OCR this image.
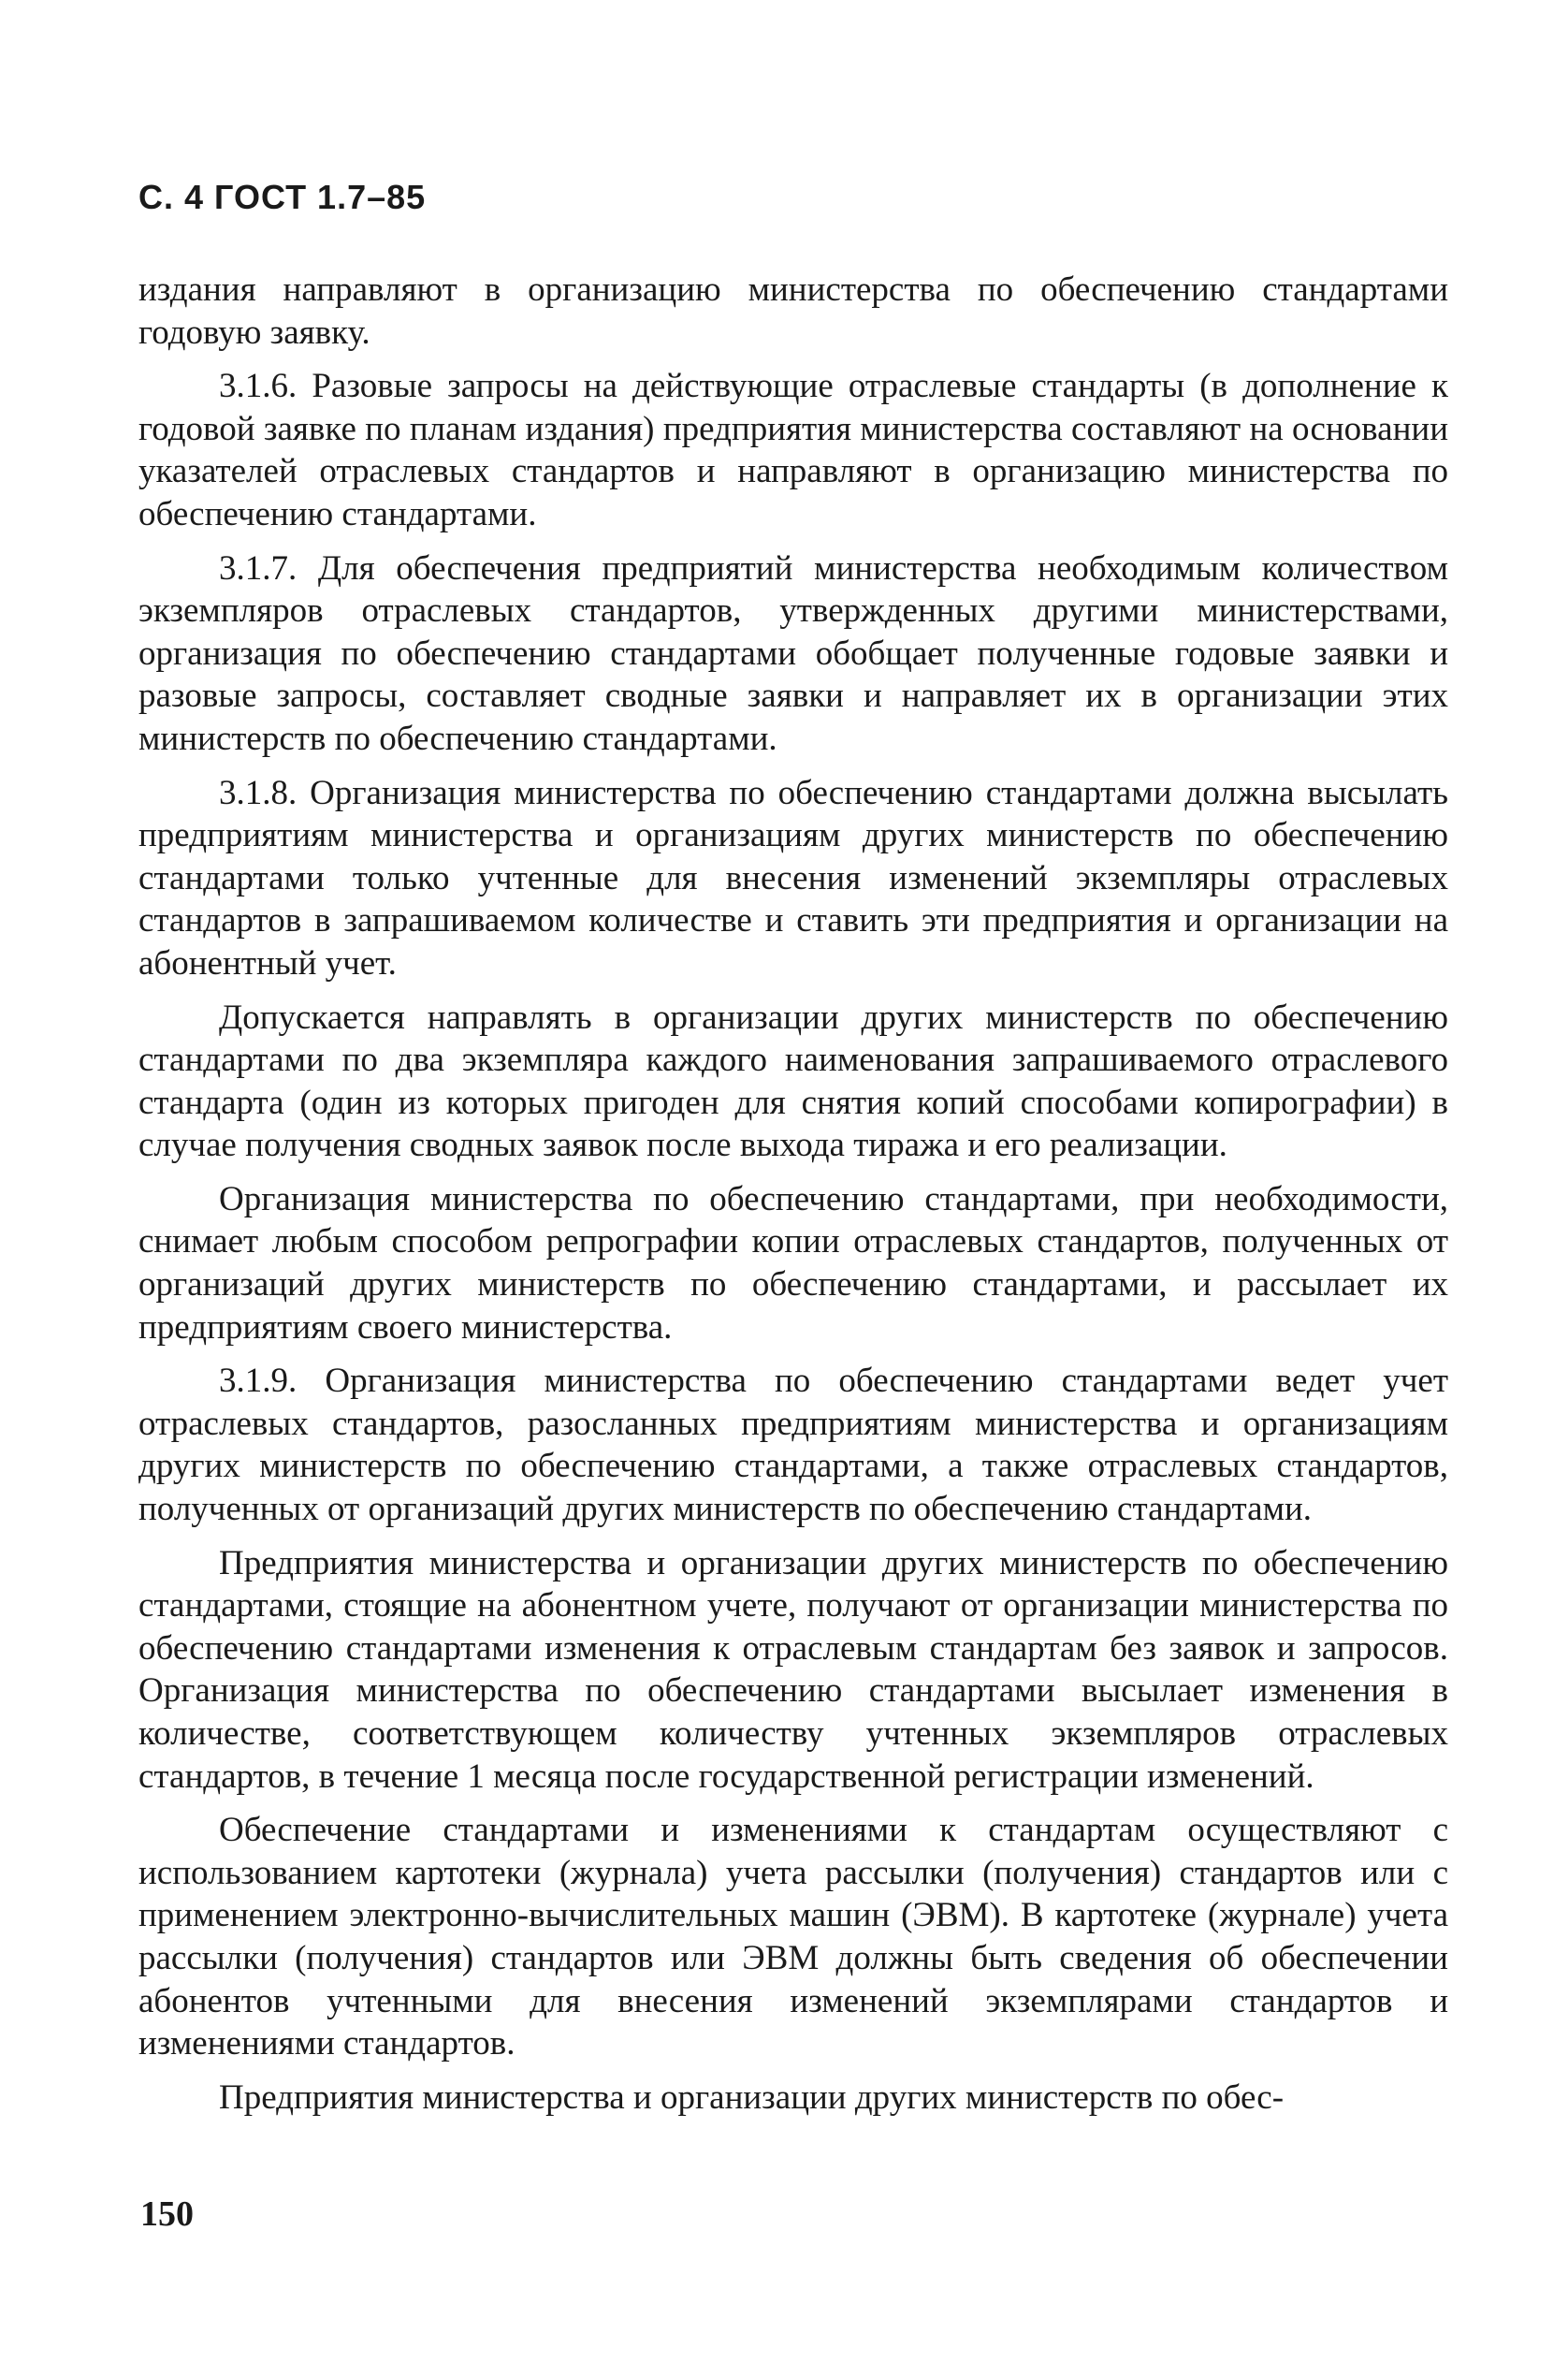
С. 4 ГОСТ 1.7–85

издания направляют в организацию министерства по обеспечению стандартами годовую заявку.

3.1.6. Разовые запросы на действующие отраслевые стандарты (в дополнение к годовой заявке по планам издания) предприятия министерства составляют на основании указателей отраслевых стандартов и направляют в организацию министерства по обеспечению стандартами.

3.1.7. Для обеспечения предприятий министерства необходимым количеством экземпляров отраслевых стандартов, утвержденных другими министерствами, организация по обеспечению стандартами обобщает полученные годовые заявки и разовые запросы, составляет сводные заявки и направляет их в организации этих министерств по обеспечению стандартами.

3.1.8. Организация министерства по обеспечению стандартами должна высылать предприятиям министерства и организациям других министерств по обеспечению стандартами только учтенные для внесения изменений экземпляры отраслевых стандартов в запрашиваемом количестве и ставить эти предприятия и организации на абонентный учет.

Допускается направлять в организации других министерств по обеспечению стандартами по два экземпляра каждого наименования запрашиваемого отраслевого стандарта (один из которых пригоден для снятия копий способами копирографии) в случае получения сводных заявок после выхода тиража и его реализации.

Организация министерства по обеспечению стандартами, при необходимости, снимает любым способом репрографии копии отраслевых стандартов, полученных от организаций других министерств по обеспечению стандартами, и рассылает их предприятиям своего министерства.

3.1.9. Организация министерства по обеспечению стандартами ведет учет отраслевых стандартов, разосланных предприятиям министерства и организациям других министерств по обеспечению стандартами, а также отраслевых стандартов, полученных от организаций других министерств по обеспечению стандартами.

Предприятия министерства и организации других министерств по обеспечению стандартами, стоящие на абонентном учете, получают от организации министерства по обеспечению стандартами изменения к отраслевым стандартам без заявок и запросов. Организация министерства по обеспечению стандартами высылает изменения в количестве, соответствующем количеству учтенных экземпляров отраслевых стандартов, в течение 1 месяца после государственной регистрации изменений.

Обеспечение стандартами и изменениями к стандартам осуществляют с использованием картотеки (журнала) учета рассылки (получения) стандартов или с применением электронно-вычислительных машин (ЭВМ). В картотеке (журнале) учета рассылки (получения) стандартов или ЭВМ должны быть сведения об обеспечении абонентов учтенными для внесения изменений экземплярами стандартов и изменениями стандартов.

Предприятия министерства и организации других министерств по обес-

150
